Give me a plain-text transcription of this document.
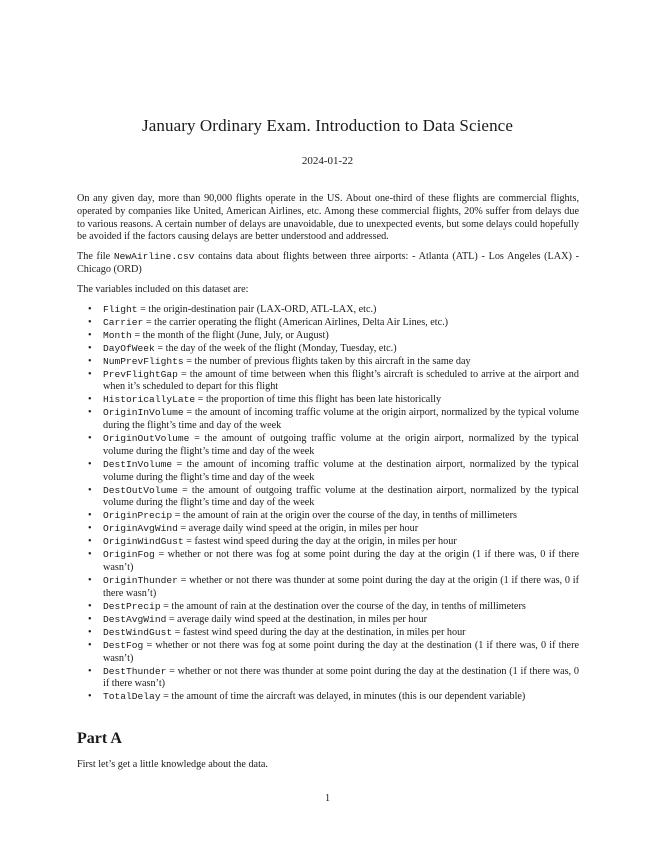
January Ordinary Exam. Introduction to Data Science
2024-01-22

On any given day, more than 90,000 flights operate in the US. About one-third of these flights are commercial flights, operated by companies like United, American Airlines, etc. Among these commercial flights, 20% suffer from delays due to various reasons. A certain number of delays are unavoidable, due to unexpected events, but some delays could hopefully be avoided if the factors causing delays are better understood and addressed.

The file NewAirline.csv contains data about flights between three airports: - Atlanta (ATL) - Los Angeles (LAX) - Chicago (ORD)

The variables included on this dataset are:

• Flight = the origin-destination pair (LAX-ORD, ATL-LAX, etc.)
• Carrier = the carrier operating the flight (American Airlines, Delta Air Lines, etc.)
• Month = the month of the flight (June, July, or August)
• DayOfWeek = the day of the week of the flight (Monday, Tuesday, etc.)
• NumPrevFlights = the number of previous flights taken by this aircraft in the same day
• PrevFlightGap = the amount of time between when this flight’s aircraft is scheduled to arrive at the airport and when it’s scheduled to depart for this flight
• HistoricallyLate = the proportion of time this flight has been late historically
• OriginInVolume = the amount of incoming traffic volume at the origin airport, normalized by the typical volume during the flight’s time and day of the week
• OriginOutVolume = the amount of outgoing traffic volume at the origin airport, normalized by the typical volume during the flight’s time and day of the week
• DestInVolume = the amount of incoming traffic volume at the destination airport, normalized by the typical volume during the flight’s time and day of the week
• DestOutVolume = the amount of outgoing traffic volume at the destination airport, normalized by the typical volume during the flight’s time and day of the week
• OriginPrecip = the amount of rain at the origin over the course of the day, in tenths of millimeters
• OriginAvgWind = average daily wind speed at the origin, in miles per hour
• OriginWindGust = fastest wind speed during the day at the origin, in miles per hour
• OriginFog = whether or not there was fog at some point during the day at the origin (1 if there was, 0 if there wasn’t)
• OriginThunder = whether or not there was thunder at some point during the day at the origin (1 if there was, 0 if there wasn’t)
• DestPrecip = the amount of rain at the destination over the course of the day, in tenths of millimeters
• DestAvgWind = average daily wind speed at the destination, in miles per hour
• DestWindGust = fastest wind speed during the day at the destination, in miles per hour
• DestFog = whether or not there was fog at some point during the day at the destination (1 if there was, 0 if there wasn’t)
• DestThunder = whether or not there was thunder at some point during the day at the destination (1 if there was, 0 if there wasn’t)
• TotalDelay = the amount of time the aircraft was delayed, in minutes (this is our dependent variable)
Part A
First let’s get a little knowledge about the data.
1
